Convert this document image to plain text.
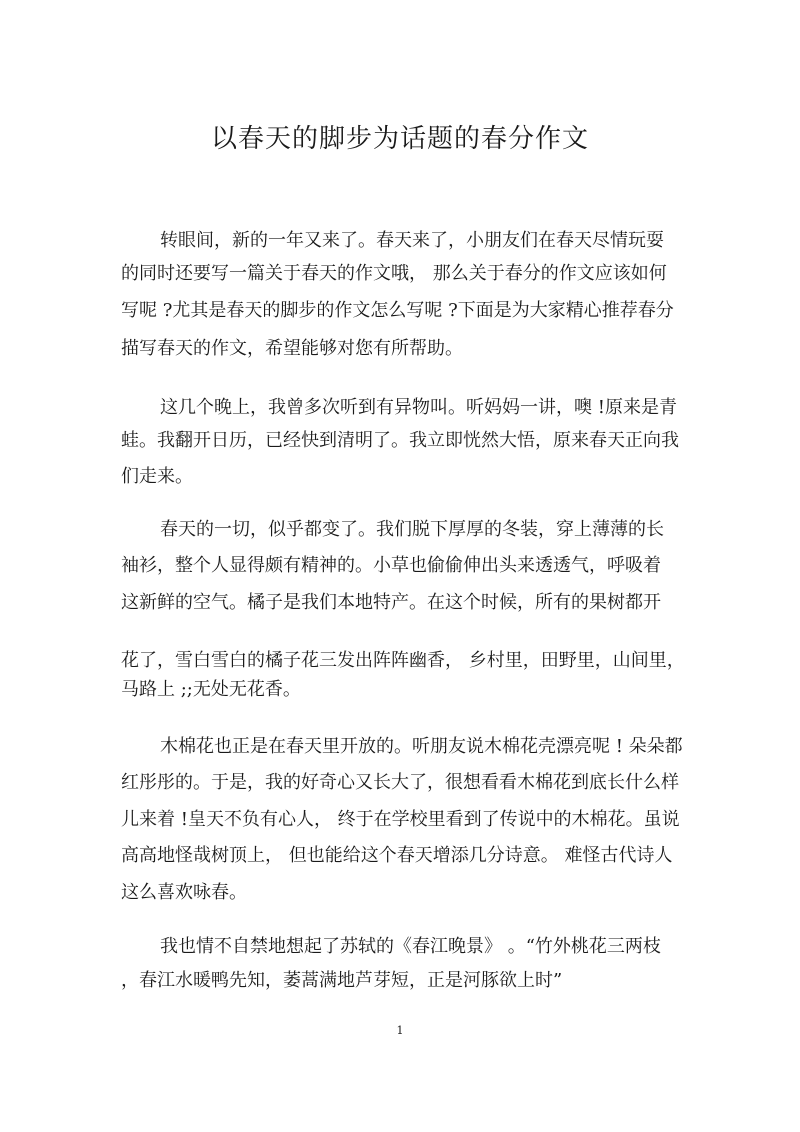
以春天的脚步为话题的春分作文
转眼间，新的一年又来了。春天来了，小朋友们在春天尽情玩耍
的同时还要写一篇关于春天的作文哦， 那么关于春分的作文应该如何
写呢 ?尤其是春天的脚步的作文怎么写呢 ?下面是为大家精心推荐春分
描写春天的作文，希望能够对您有所帮助。
这几个晚上，我曾多次听到有异物叫。听妈妈一讲，噢 !原来是青
蛙。我翻开日历，已经快到清明了。我立即恍然大悟，原来春天正向我
们走来。
春天的一切，似乎都变了。我们脱下厚厚的冬装，穿上薄薄的长
袖衫，整个人显得颇有精神的。小草也偷偷伸出头来透透气，呼吸着
这新鲜的空气。橘子是我们本地特产。在这个时候，所有的果树都开
花了，雪白雪白的橘子花三发出阵阵幽香， 乡村里，田野里，山间里，
马路上 ;;无处无花香。
木棉花也正是在春天里开放的。听朋友说木棉花壳漂亮呢 ! 朵朵都
红彤彤的。于是，我的好奇心又长大了，很想看看木棉花到底长什么样
儿来着 !皇天不负有心人， 终于在学校里看到了传说中的木棉花。虽说
高高地怪哉树顶上， 但也能给这个春天增添几分诗意。 难怪古代诗人
这么喜欢咏春。
我也情不自禁地想起了苏轼的《春江晚景》 。“竹外桃花三两枝
，春江水暖鸭先知，萎蒿满地芦芽短，正是河豚欲上时”
1
